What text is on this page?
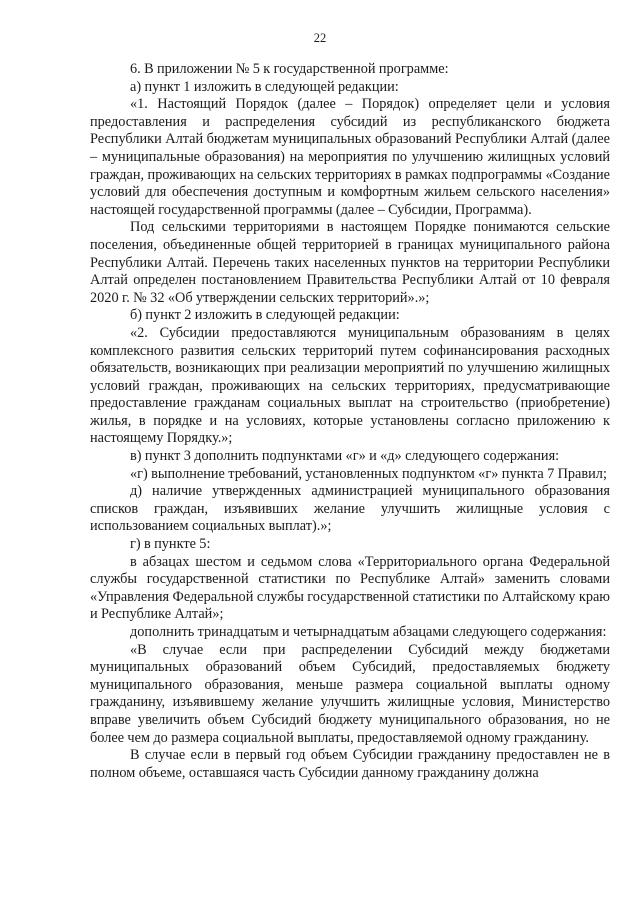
22

6. В приложении № 5 к государственной программе:

а) пункт 1 изложить в следующей редакции:

«1. Настоящий Порядок (далее – Порядок) определяет цели и условия предоставления и распределения субсидий из республиканского бюджета Республики Алтай бюджетам муниципальных образований Республики Алтай (далее – муниципальные образования) на мероприятия по улучшению жилищных условий граждан, проживающих на сельских территориях в рамках подпрограммы «Создание условий для обеспечения доступным и комфортным жильем сельского населения» настоящей государственной программы (далее – Субсидии, Программа).

Под сельскими территориями в настоящем Порядке понимаются сельские поселения, объединенные общей территорией в границах муниципального района Республики Алтай. Перечень таких населенных пунктов на территории Республики Алтай определен постановлением Правительства Республики Алтай от 10 февраля 2020 г. № 32 «Об утверждении сельских территорий».»;

б) пункт 2 изложить в следующей редакции:

«2. Субсидии предоставляются муниципальным образованиям в целях комплексного развития сельских территорий путем софинансирования расходных обязательств, возникающих при реализации мероприятий по улучшению жилищных условий граждан, проживающих на сельских территориях, предусматривающие предоставление гражданам социальных выплат на строительство (приобретение) жилья, в порядке и на условиях, которые установлены согласно приложению к настоящему Порядку.»;

в) пункт 3 дополнить подпунктами «г» и «д» следующего содержания:

«г) выполнение требований, установленных подпунктом «г» пункта 7 Правил;

д) наличие утвержденных администрацией муниципального образования списков граждан, изъявивших желание улучшить жилищные условия с использованием социальных выплат).»;

г) в пункте 5:

в абзацах шестом и седьмом слова «Территориального органа Федеральной службы государственной статистики по Республике Алтай» заменить словами «Управления Федеральной службы государственной статистики по Алтайскому краю и Республике Алтай»;

дополнить тринадцатым и четырнадцатым абзацами следующего содержания:

«В случае если при распределении Субсидий между бюджетами муниципальных образований объем Субсидий, предоставляемых бюджету муниципального образования, меньше размера социальной выплаты одному гражданину, изъявившему желание улучшить жилищные условия, Министерство вправе увеличить объем Субсидий бюджету муниципального образования, но не более чем до размера социальной выплаты, предоставляемой одному гражданину.

В случае если в первый год объем Субсидии гражданину предоставлен не в полном объеме, оставшаяся часть Субсидии данному гражданину должна
